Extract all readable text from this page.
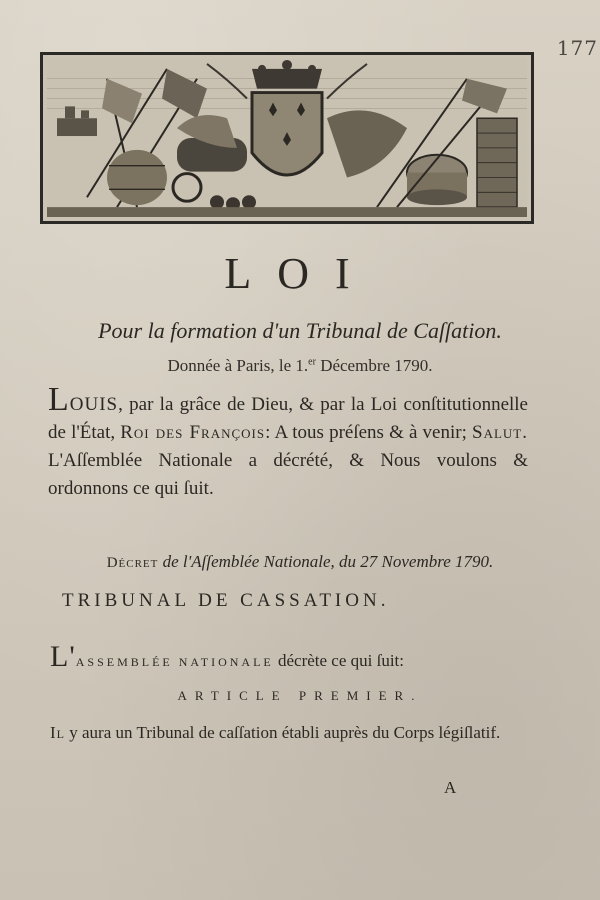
177
LOI
Pour la formation d'un Tribunal de Caſſation.
Donnée à Paris, le 1.$^{er}$ Décembre 1790.
LOUIS, par la grâce de Dieu, & par la Loi conſtitutionnelle de l'État, Roi des François: A tous préſens & à venir; Salut. L'Aſſemblée Nationale a décrété, & Nous voulons & ordonnons ce qui ſuit.
Décret de l'Aſſemblée Nationale, du 27 Novembre 1790.
TRIBUNAL DE CASSATION.
L'ASSEMBLÉE NATIONALE décrète ce qui ſuit:
ARTICLE PREMIER.
Il y aura un Tribunal de caſſation établi auprès du Corps légiſlatif.
A
